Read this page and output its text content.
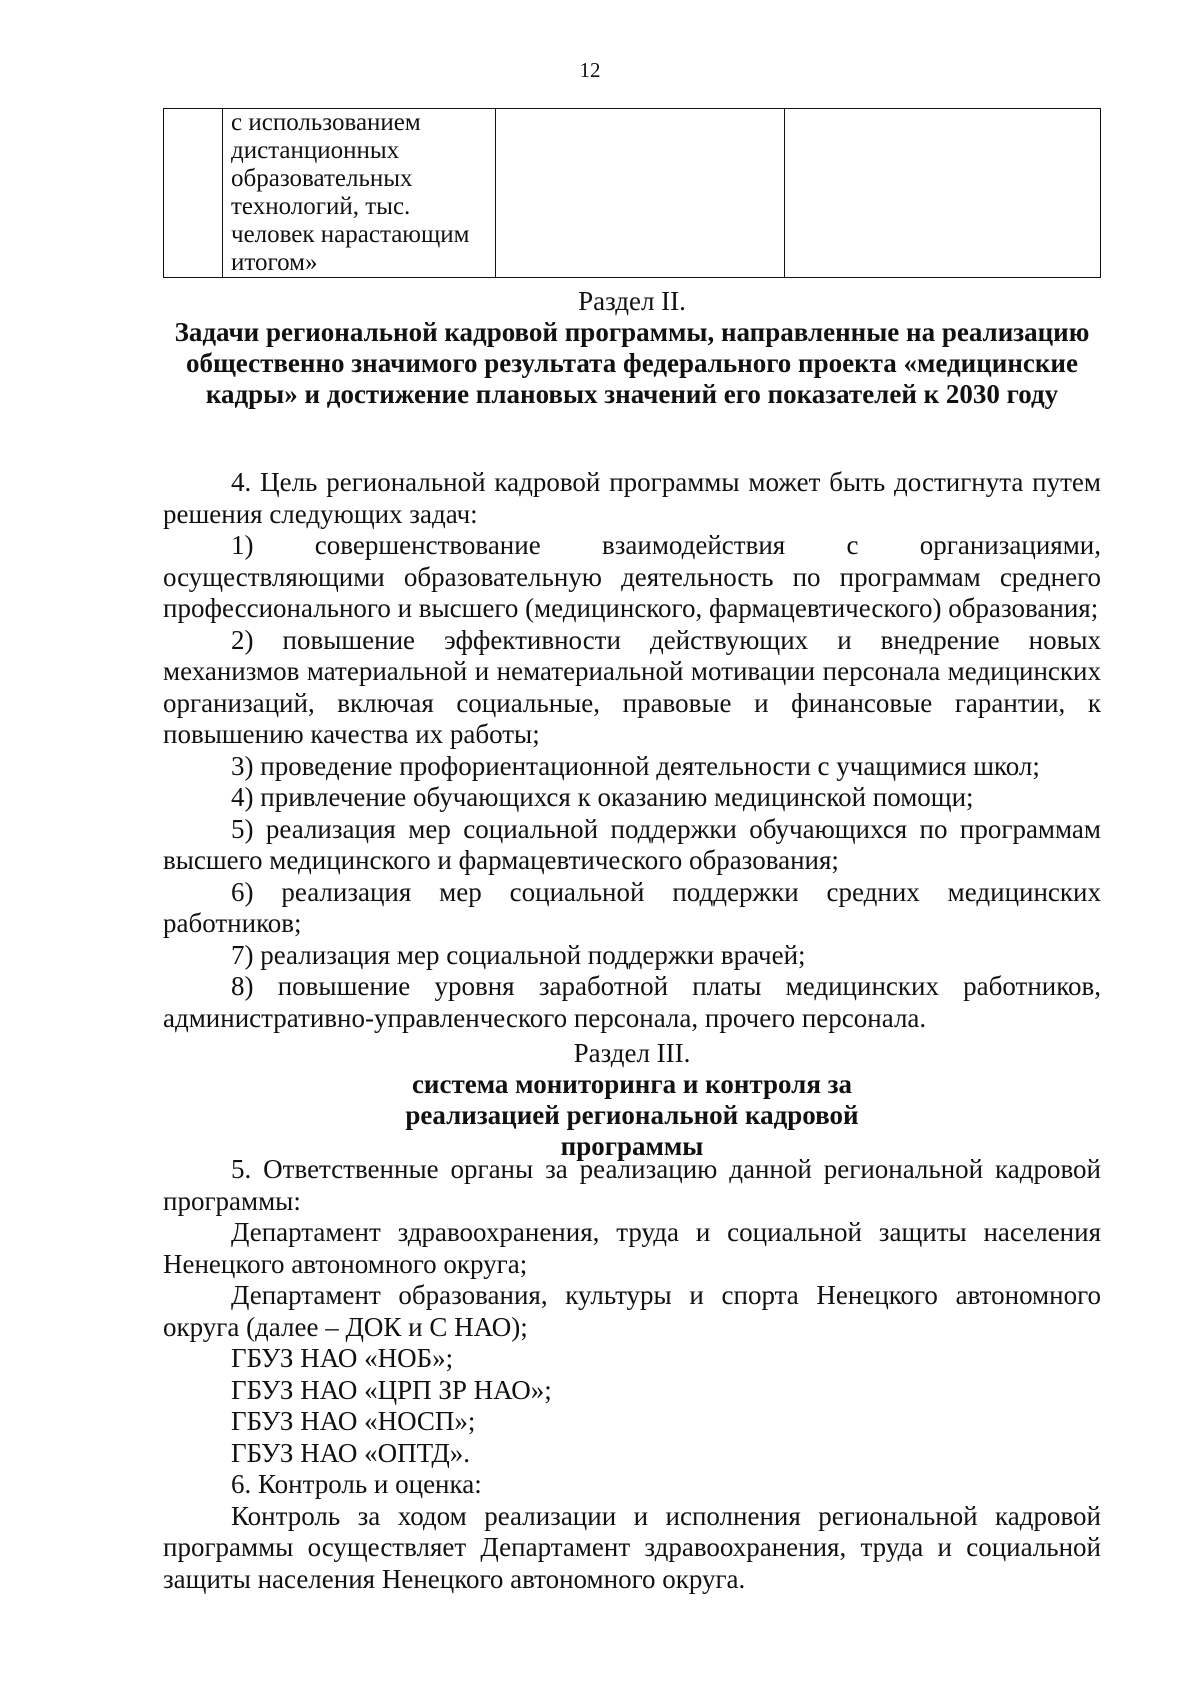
12
	с использованием дистанционных образовательных технологий, тыс. человек нарастающим итогом»		

Раздел II.

Задачи региональной кадровой программы, направленные на реализацию общественно значимого результата федерального проекта «медицинские кадры» и достижение плановых значений его показателей к 2030 году

4. Цель региональной кадровой программы может быть достигнута путем решения следующих задач:

1) совершенствование взаимодействия с организациями, осуществляющими образовательную деятельность по программам среднего профессионального и высшего (медицинского, фармацевтического) образования;

2) повышение эффективности действующих и внедрение новых механизмов материальной и нематериальной мотивации персонала медицинских организаций, включая социальные, правовые и финансовые гарантии, к повышению качества их работы;

3) проведение профориентационной деятельности с учащимися школ;

4) привлечение обучающихся к оказанию медицинской помощи;

5) реализация мер социальной поддержки обучающихся по программам высшего медицинского и фармацевтического образования;

6) реализация мер социальной поддержки средних медицинских работников;

7) реализация мер социальной поддержки врачей;

8) повышение уровня заработной платы медицинских работников, административно-управленческого персонала, прочего персонала.

Раздел III.

система мониторинга и контроля за реализацией региональной кадровой программы

5. Ответственные органы за реализацию данной региональной кадровой программы:

Департамент здравоохранения, труда и социальной защиты населения Ненецкого автономного округа;

Департамент образования, культуры и спорта Ненецкого автономного округа (далее – ДОК и С НАО);

ГБУЗ НАО «НОБ»;

ГБУЗ НАО «ЦРП ЗР НАО»;

ГБУЗ НАО «НОСП»;

ГБУЗ НАО «ОПТД».

6. Контроль и оценка:

Контроль за ходом реализации и исполнения региональной кадровой программы осуществляет Департамент здравоохранения, труда и социальной защиты населения Ненецкого автономного округа.
